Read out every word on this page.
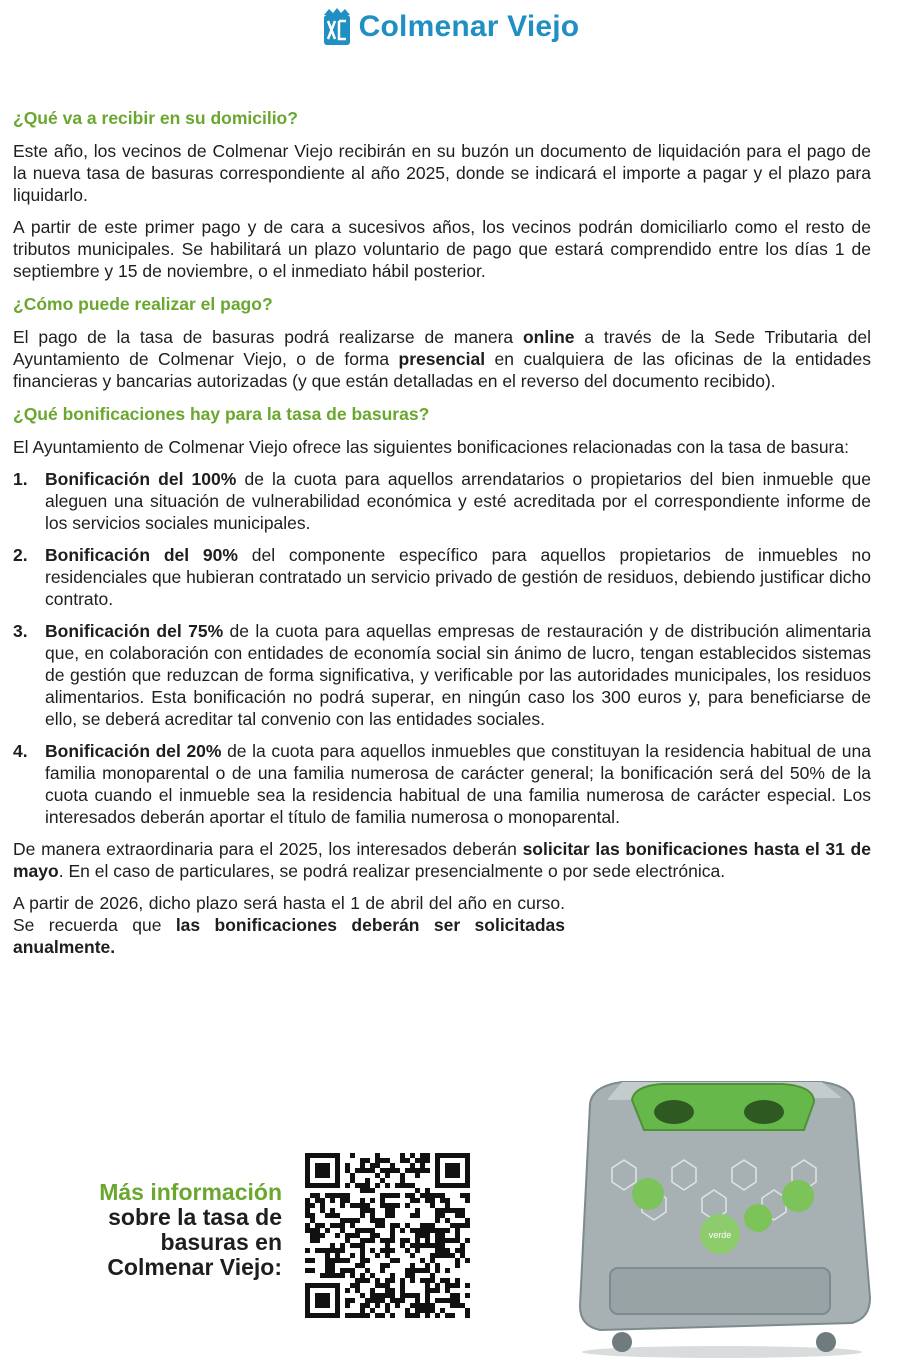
Colmenar Viejo
¿Qué va a recibir en su domicilio?

Este año, los vecinos de Colmenar Viejo recibirán en su buzón un documento de liquidación para el pago de la nueva tasa de basuras correspondiente al año 2025, donde se indicará el importe a pagar y el plazo para liquidarlo.

A partir de este primer pago y de cara a sucesivos años, los vecinos podrán domiciliarlo como el resto de tributos municipales. Se habilitará un plazo voluntario de pago que estará comprendido entre los días 1 de septiembre y 15 de noviembre, o el inmediato hábil posterior.

¿Cómo puede realizar el pago?

El pago de la tasa de basuras podrá realizarse de manera online a través de la Sede Tributaria del Ayuntamiento de Colmenar Viejo, o de forma presencial en cualquiera de las oficinas de la entidades financieras y bancarias autorizadas (y que están detalladas en el reverso del documento recibido).

¿Qué bonificaciones hay para la tasa de basuras?

El Ayuntamiento de Colmenar Viejo ofrece las siguientes bonificaciones relacionadas con la tasa de basura:

1. Bonificación del 100% de la cuota para aquellos arrendatarios o propietarios del bien inmueble que aleguen una situación de vulnerabilidad económica y esté acreditada por el correspondiente informe de los servicios sociales municipales.
2. Bonificación del 90% del componente específico para aquellos propietarios de inmuebles no residenciales que hubieran contratado un servicio privado de gestión de residuos, debiendo justificar dicho contrato.
3. Bonificación del 75% de la cuota para aquellas empresas de restauración y de distribución alimentaria que, en colaboración con entidades de economía social sin ánimo de lucro, tengan establecidos sistemas de gestión que reduzcan de forma significativa, y verificable por las autoridades municipales, los residuos alimentarios. Esta bonificación no podrá superar, en ningún caso los 300 euros y, para beneficiarse de ello, se deberá acreditar tal convenio con las entidades sociales.
4. Bonificación del 20% de la cuota para aquellos inmuebles que constituyan la residencia habitual de una familia monoparental o de una familia numerosa de carácter general; la bonificación será del 50% de la cuota cuando el inmueble sea la residencia habitual de una familia numerosa de carácter especial. Los interesados deberán aportar el título de familia numerosa o monoparental.

De manera extraordinaria para el 2025, los interesados deberán solicitar las bonificaciones hasta el 31 de mayo. En el caso de particulares, se podrá realizar presencialmente o por sede electrónica.

A partir de 2026, dicho plazo será hasta el 1 de abril del año en curso. Se recuerda que las bonificaciones deberán ser solicitadas anualmente.

Más información
sobre la tasa de
basuras en
Colmenar Viejo:
verde
